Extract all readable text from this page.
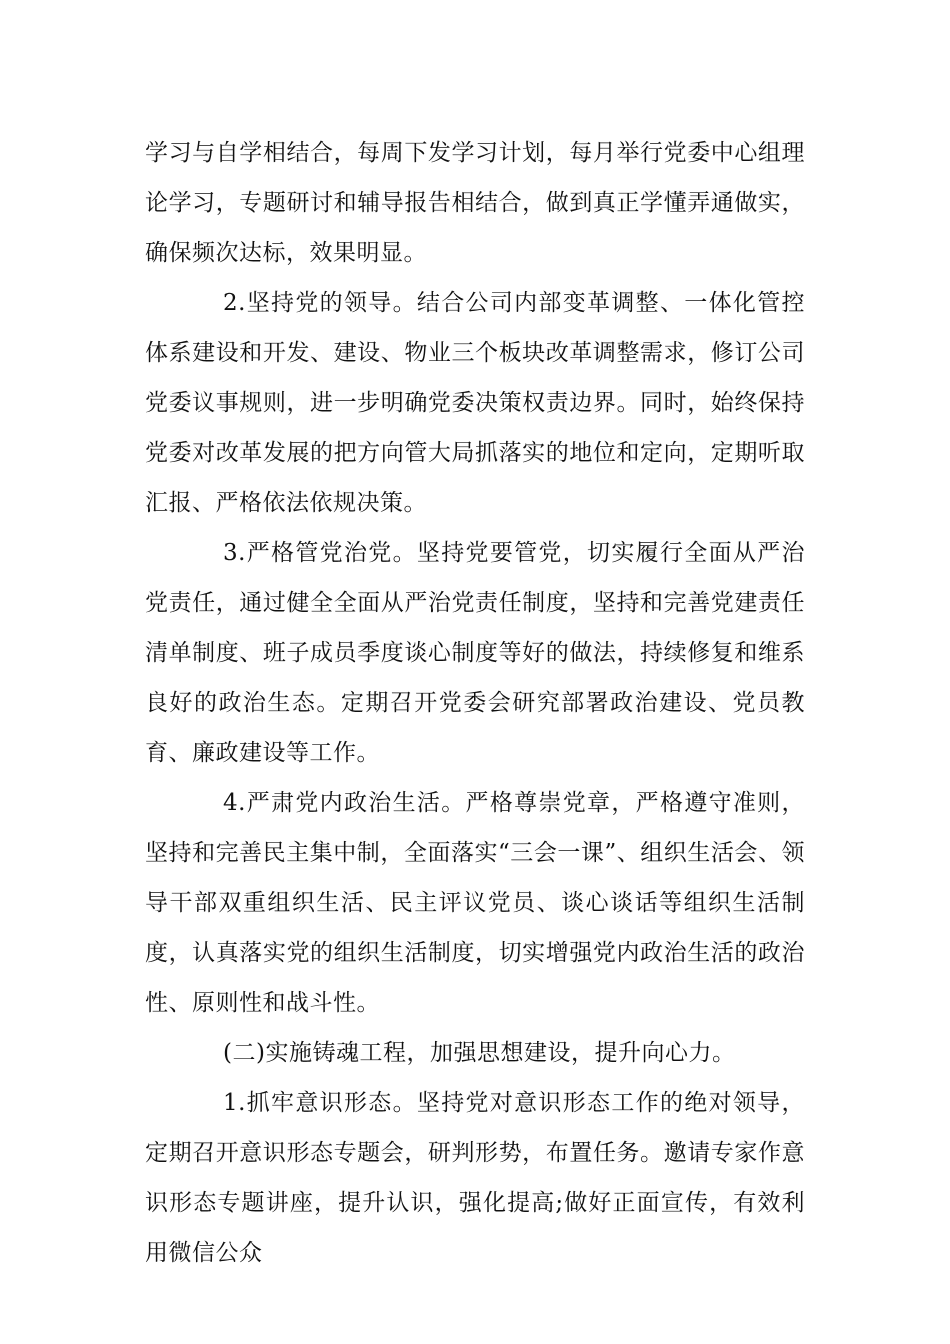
学习与自学相结合，每周下发学习计划，每月举行党委中心组理论学习，专题研讨和辅导报告相结合，做到真正学懂弄通做实，确保频次达标，效果明显。

2.坚持党的领导。结合公司内部变革调整、一体化管控体系建设和开发、建设、物业三个板块改革调整需求，修订公司党委议事规则，进一步明确党委决策权责边界。同时，始终保持党委对改革发展的把方向管大局抓落实的地位和定向，定期听取汇报、严格依法依规决策。

3.严格管党治党。坚持党要管党，切实履行全面从严治党责任，通过健全全面从严治党责任制度，坚持和完善党建责任清单制度、班子成员季度谈心制度等好的做法，持续修复和维系良好的政治生态。定期召开党委会研究部署政治建设、党员教育、廉政建设等工作。

4.严肃党内政治生活。严格尊崇党章，严格遵守准则，坚持和完善民主集中制，全面落实“三会一课”、组织生活会、领导干部双重组织生活、民主评议党员、谈心谈话等组织生活制度，认真落实党的组织生活制度，切实增强党内政治生活的政治性、原则性和战斗性。

(二)实施铸魂工程，加强思想建设，提升向心力。

1.抓牢意识形态。坚持党对意识形态工作的绝对领导，定期召开意识形态专题会，研判形势，布置任务。邀请专家作意识形态专题讲座，提升认识，强化提高;做好正面宣传，有效利用微信公众
